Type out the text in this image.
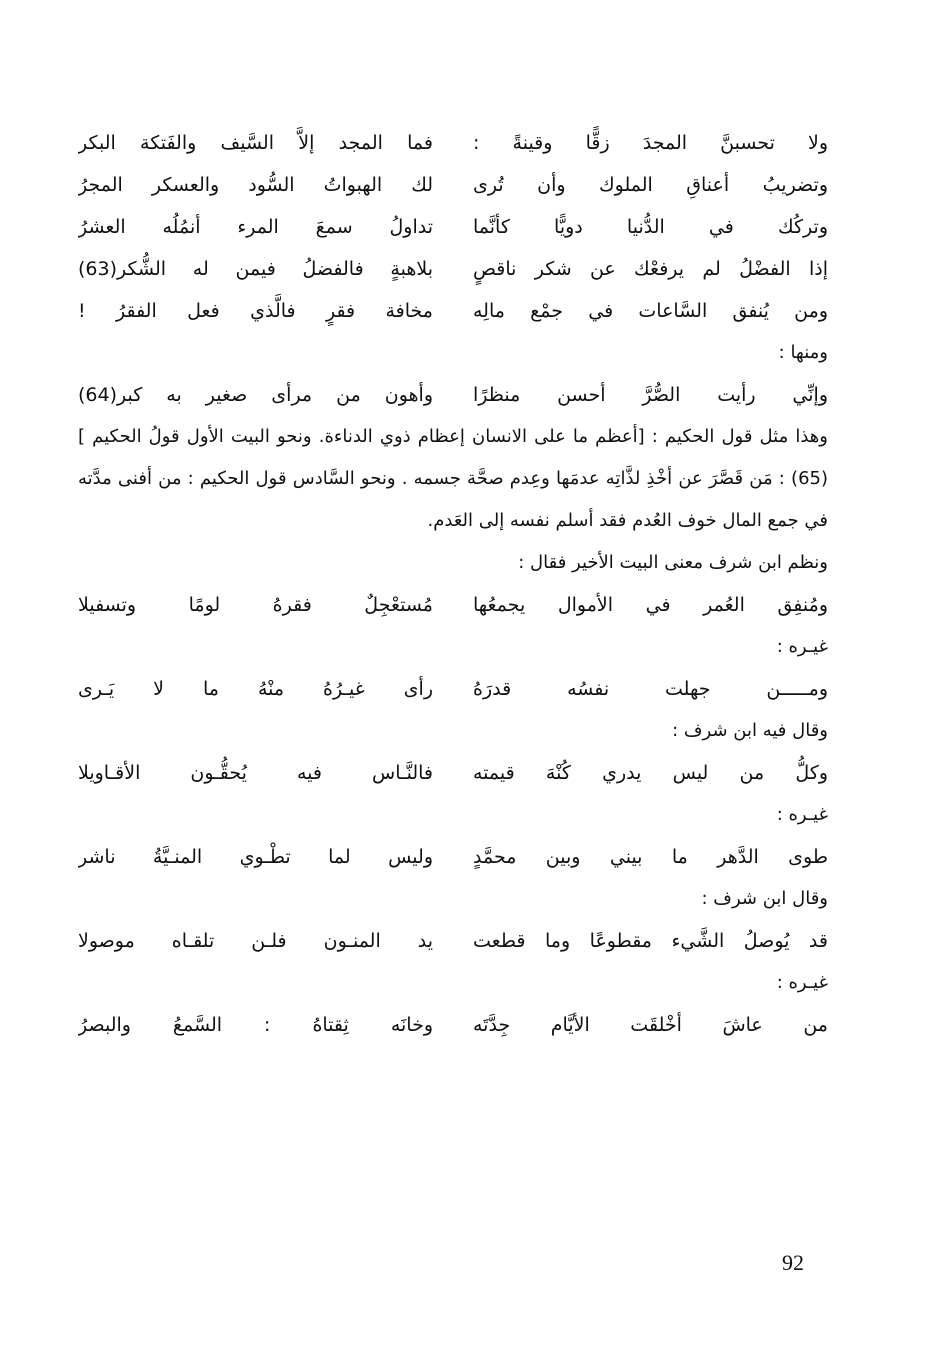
ولا تحسبنَّ المجدَ زقًّا وقينةً :
فما المجد إلاَّ السَّيف والفَتكة البكر
وتضريبُ أعناقِ الملوك وأن تُرى
لك الهبواتُ السُّود والعسكر المجرُ
وتركُك في الدُّنيا دويًّا كأنَّما
تداولُ سمعَ المرء أنمُلُه العشرُ
إذا الفضْلُ لم يرفعْك عن شكر ناقصٍ
بلاهبةٍ فالفضلُ فيمن له الشُّكر(63)
ومن يُنفق السَّاعات في جمْع مالِه
مخافة فقرٍ فالَّذي فعل الفقرُ !
ومنها :
وإنِّي رأيت الصُّرَّ أحسن منظرًا
وأهون من مرأى صغير به كبر(64)
وهذا مثل قول الحكيم : [أعظم ما على الانسان إعظام ذوي الدناءة. ونحو البيت الأول قولُ الحكيم ](65) : مَن قَصَّرَ عن أخْذِ لذَّاتِه عدمَها وعِدم صحَّة جسمه . ونحو السَّادس قول الحكيم : من أفنى مدَّته في جمع المال خوف العُدم فقد أسلم نفسه إلى العَدم.
ونظم ابن شرف معنى البيت الأخير فقال :
ومُنفِق العُمر في الأموال يجمعُها
مُستعْجِلٌ فقرهُ لومًا وتسفيلا
غيـره :
ومـــــن جهلت نفسُه قدرَهُ
رأى غيـرُهُ منْهُ ما لا يَـرى
وقال فيه ابن شرف :
وكلُّ من ليس يدري كُنْهَ قيمته
فالنَّـاس فيه يُحقُّـون الأقـاويلا
غيـره :
طوى الدَّهر ما بيني وبين محمَّدٍ
وليس لما تطْـوي المنـيَّةُ ناشر
وقال ابن شرف :
قد يُوصلُ الشَّيء مقطوعًا وما قطعت
يد المنـون فلـن تلقـاه موصولا
غيـره :
من عاشَ أخْلقَت الأيَّام جِدَّتَه
وخانَه ثِقتاهُ : السَّمعُ والبصرُ
92
